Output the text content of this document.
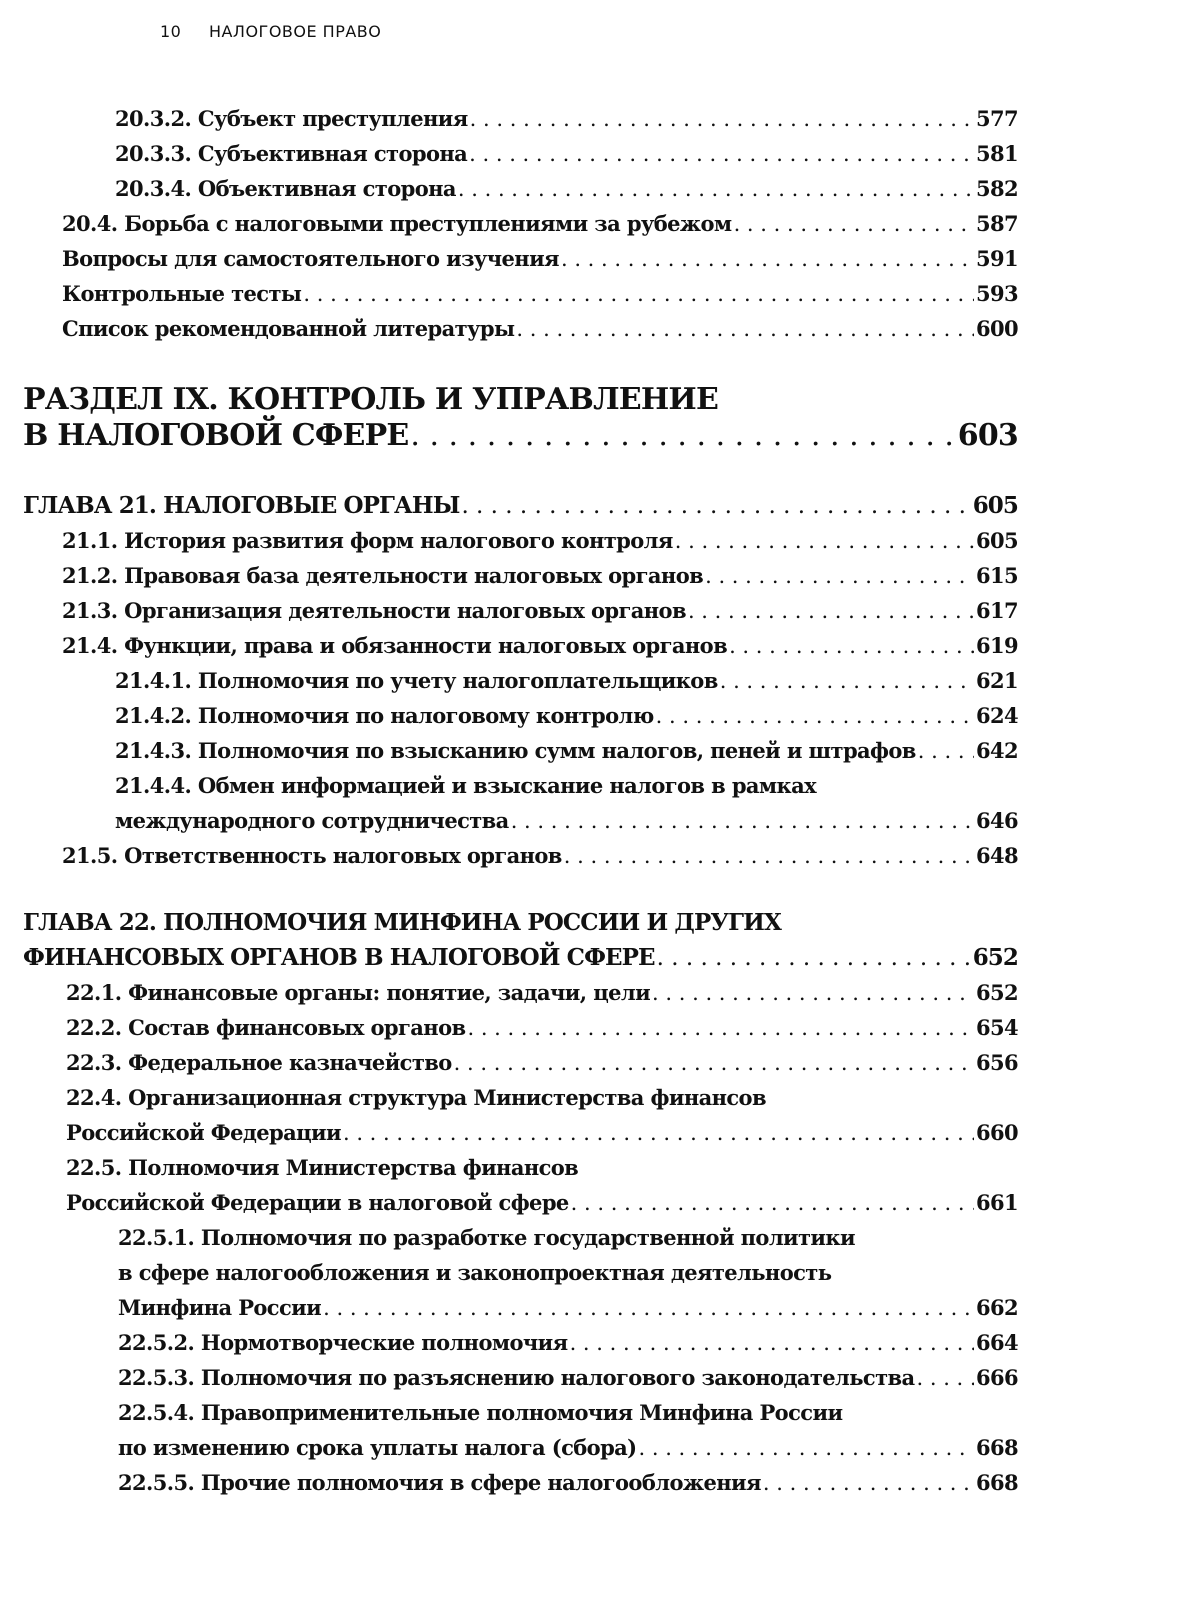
10 НАЛОГОВОЕ ПРАВО
20.3.2. Субъект преступления . . .	577
20.3.3. Субъективная сторона . . .	581
20.3.4. Объективная сторона . . .	582
20.4. Борьба с налоговыми преступлениями за рубежом . . .	587
Вопросы для самостоятельного изучения . . .	591
Контрольные тесты . . .	593
Список рекомендованной литературы . . .	600
РАЗДЕЛ IX. КОНТРОЛЬ И УПРАВЛЕНИЕ
В НАЛОГОВОЙ СФЕРЕ . . .	603
ГЛАВА 21. НАЛОГОВЫЕ ОРГАНЫ . . .	605
21.1. История развития форм налогового контроля . . .	605
21.2. Правовая база деятельности налоговых органов . . .	615
21.3. Организация деятельности налоговых органов . . .	617
21.4. Функции, права и обязанности налоговых органов . . .	619
21.4.1. Полномочия по учету налогоплательщиков . . .	621
21.4.2. Полномочия по налоговому контролю . . .	624
21.4.3. Полномочия по взысканию сумм налогов, пеней и штрафов . . .	642
21.4.4. Обмен информацией и взыскание налогов в рамках
международного сотрудничества . . .	646
21.5. Ответственность налоговых органов . . .	648
ГЛАВА 22. ПОЛНОМОЧИЯ МИНФИНА РОССИИ И ДРУГИХ
ФИНАНСОВЫХ ОРГАНОВ В НАЛОГОВОЙ СФЕРЕ . . .	652
22.1. Финансовые органы: понятие, задачи, цели . . .	652
22.2. Состав финансовых органов . . .	654
22.3. Федеральное казначейство . . .	656
22.4. Организационная структура Министерства финансов
Российской Федерации . . .	660
22.5. Полномочия Министерства финансов
Российской Федерации в налоговой сфере . . .	661
22.5.1. Полномочия по разработке государственной политики
в сфере налогообложения и законопроектная деятельность
Минфина России . . .	662
22.5.2. Нормотворческие полномочия . . .	664
22.5.3. Полномочия по разъяснению налогового законодательства . . .	666
22.5.4. Правоприменительные полномочия Минфина России
по изменению срока уплаты налога (сбора) . . .	668
22.5.5. Прочие полномочия в сфере налогообложения . . .	668
